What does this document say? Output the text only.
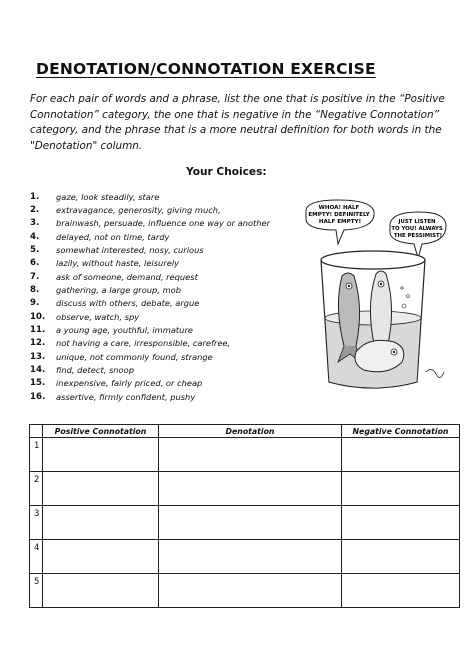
DENOTATION/CONNOTATION EXERCISE
For each pair of words and a phrase, list the one that is positive in the “Positive Connotation” category, the one that is negative in the “Negative Connotation” category, and the phrase that is a more neutral definition for both words in the "Denotation" column.
Your Choices:
1.	gaze, look steadily, stare
2.	extravagance, generosity, giving much,
3.	brainwash, persuade, influence one way or another
4.	delayed, not on time, tardy
5.	somewhat interested, nosy, curious
6.	lazily, without haste, leisurely
7.	ask of someone, demand, request
8.	gathering, a large group, mob
9.	discuss with others, debate, argue
10.	observe, watch, spy
11.	a young age, youthful, immature
12.	not having a care, irresponsible, carefree,
13.	unique, not commonly found, strange
14.	find, detect, snoop
15.	inexpensive, fairly priced, or cheap
16.	assertive, firmly confident, pushy
WHOA! HALF EMPTY! DEFINITELY HALF EMPTY!	JUST LISTEN TO YOU! ALWAYS THE PESSIMIST!
	Positive Connotation	Denotation	Negative Connotation

1			

2			

3			

4			

5			
